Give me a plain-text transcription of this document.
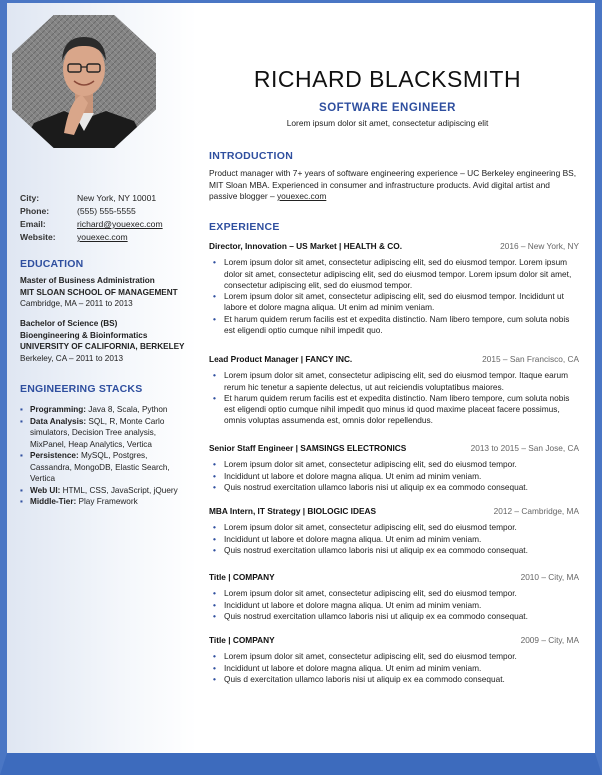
City:	New York, NY 10001
Phone:	(555) 555-5555
Email:	richard@youexec.com
Website:	youexec.com
EDUCATION
Master of Business Administration
MIT SLOAN SCHOOL OF MANAGEMENT
Cambridge, MA – 2011 to 2013
Bachelor of Science (BS)
Bioengineering & Bioinformatics
UNIVERSITY OF CALIFORNIA, BERKELEY
Berkeley, CA – 2011 to 2013
ENGINEERING STACKS
▪ Programming: Java 8, Scala, Python
▪ Data Analysis: SQL, R, Monte Carlo simulators, Decision Tree analysis, MixPanel, Heap Analytics, Vertica
▪ Persistence: MySQL, Postgres, Cassandra, MongoDB, Elastic Search, Vertica
▪ Web UI: HTML, CSS, JavaScript, jQuery
▪ Middle-Tier: Play Framework
RICHARD BLACKSMITH
SOFTWARE ENGINEER
Lorem ipsum dolor sit amet, consectetur adipiscing elit
INTRODUCTION
Product manager with 7+ years of software engineering experience – UC Berkeley engineering BS, MIT Sloan MBA. Experienced in consumer and infrastructure products. Avid digital artist and passive blogger – youexec.com
EXPERIENCE
Director, Innovation – US Market | HEALTH & CO.	2016 – New York, NY
• Lorem ipsum dolor sit amet, consectetur adipiscing elit, sed do eiusmod tempor. Lorem ipsum dolor sit amet, consectetur adipiscing elit, sed do eiusmod tempor. Lorem ipsum dolor sit amet, consectetur adipiscing elit, sed do eiusmod tempor.
• Lorem ipsum dolor sit amet, consectetur adipiscing elit, sed do eiusmod tempor. Incididunt ut labore et dolore magna aliqua. Ut enim ad minim veniam.
• Et harum quidem rerum facilis est et expedita distinctio. Nam libero tempore, cum soluta nobis est eligendi optio cumque nihil impedit quo.
Lead Product Manager | FANCY INC.	2015 – San Francisco, CA
• Lorem ipsum dolor sit amet, consectetur adipiscing elit, sed do eiusmod tempor. Itaque earum rerum hic tenetur a sapiente delectus, ut aut reiciendis voluptatibus maiores.
• Et harum quidem rerum facilis est et expedita distinctio. Nam libero tempore, cum soluta nobis est eligendi optio cumque nihil impedit quo minus id quod maxime placeat facere possimus, omnis voluptas assumenda est, omnis dolor repellendus.
Senior Staff Engineer | SAMSINGS ELECTRONICS	2013 to 2015 – San Jose, CA
• Lorem ipsum dolor sit amet, consectetur adipiscing elit, sed do eiusmod tempor.
• Incididunt ut labore et dolore magna aliqua. Ut enim ad minim veniam.
• Quis nostrud exercitation ullamco laboris nisi ut aliquip ex ea commodo consequat.
MBA Intern, IT Strategy | BIOLOGIC IDEAS	2012 – Cambridge, MA
• Lorem ipsum dolor sit amet, consectetur adipiscing elit, sed do eiusmod tempor.
• Incididunt ut labore et dolore magna aliqua. Ut enim ad minim veniam.
• Quis nostrud exercitation ullamco laboris nisi ut aliquip ex ea commodo consequat.
Title | COMPANY	2010 – City, MA
• Lorem ipsum dolor sit amet, consectetur adipiscing elit, sed do eiusmod tempor.
• Incididunt ut labore et dolore magna aliqua. Ut enim ad minim veniam.
• Quis nostrud exercitation ullamco laboris nisi ut aliquip ex ea commodo consequat.
Title | COMPANY	2009 – City, MA
• Lorem ipsum dolor sit amet, consectetur adipiscing elit, sed do eiusmod tempor.
• Incididunt ut labore et dolore magna aliqua. Ut enim ad minim veniam.
• Quis d exercitation ullamco laboris nisi ut aliquip ex ea commodo consequat.
